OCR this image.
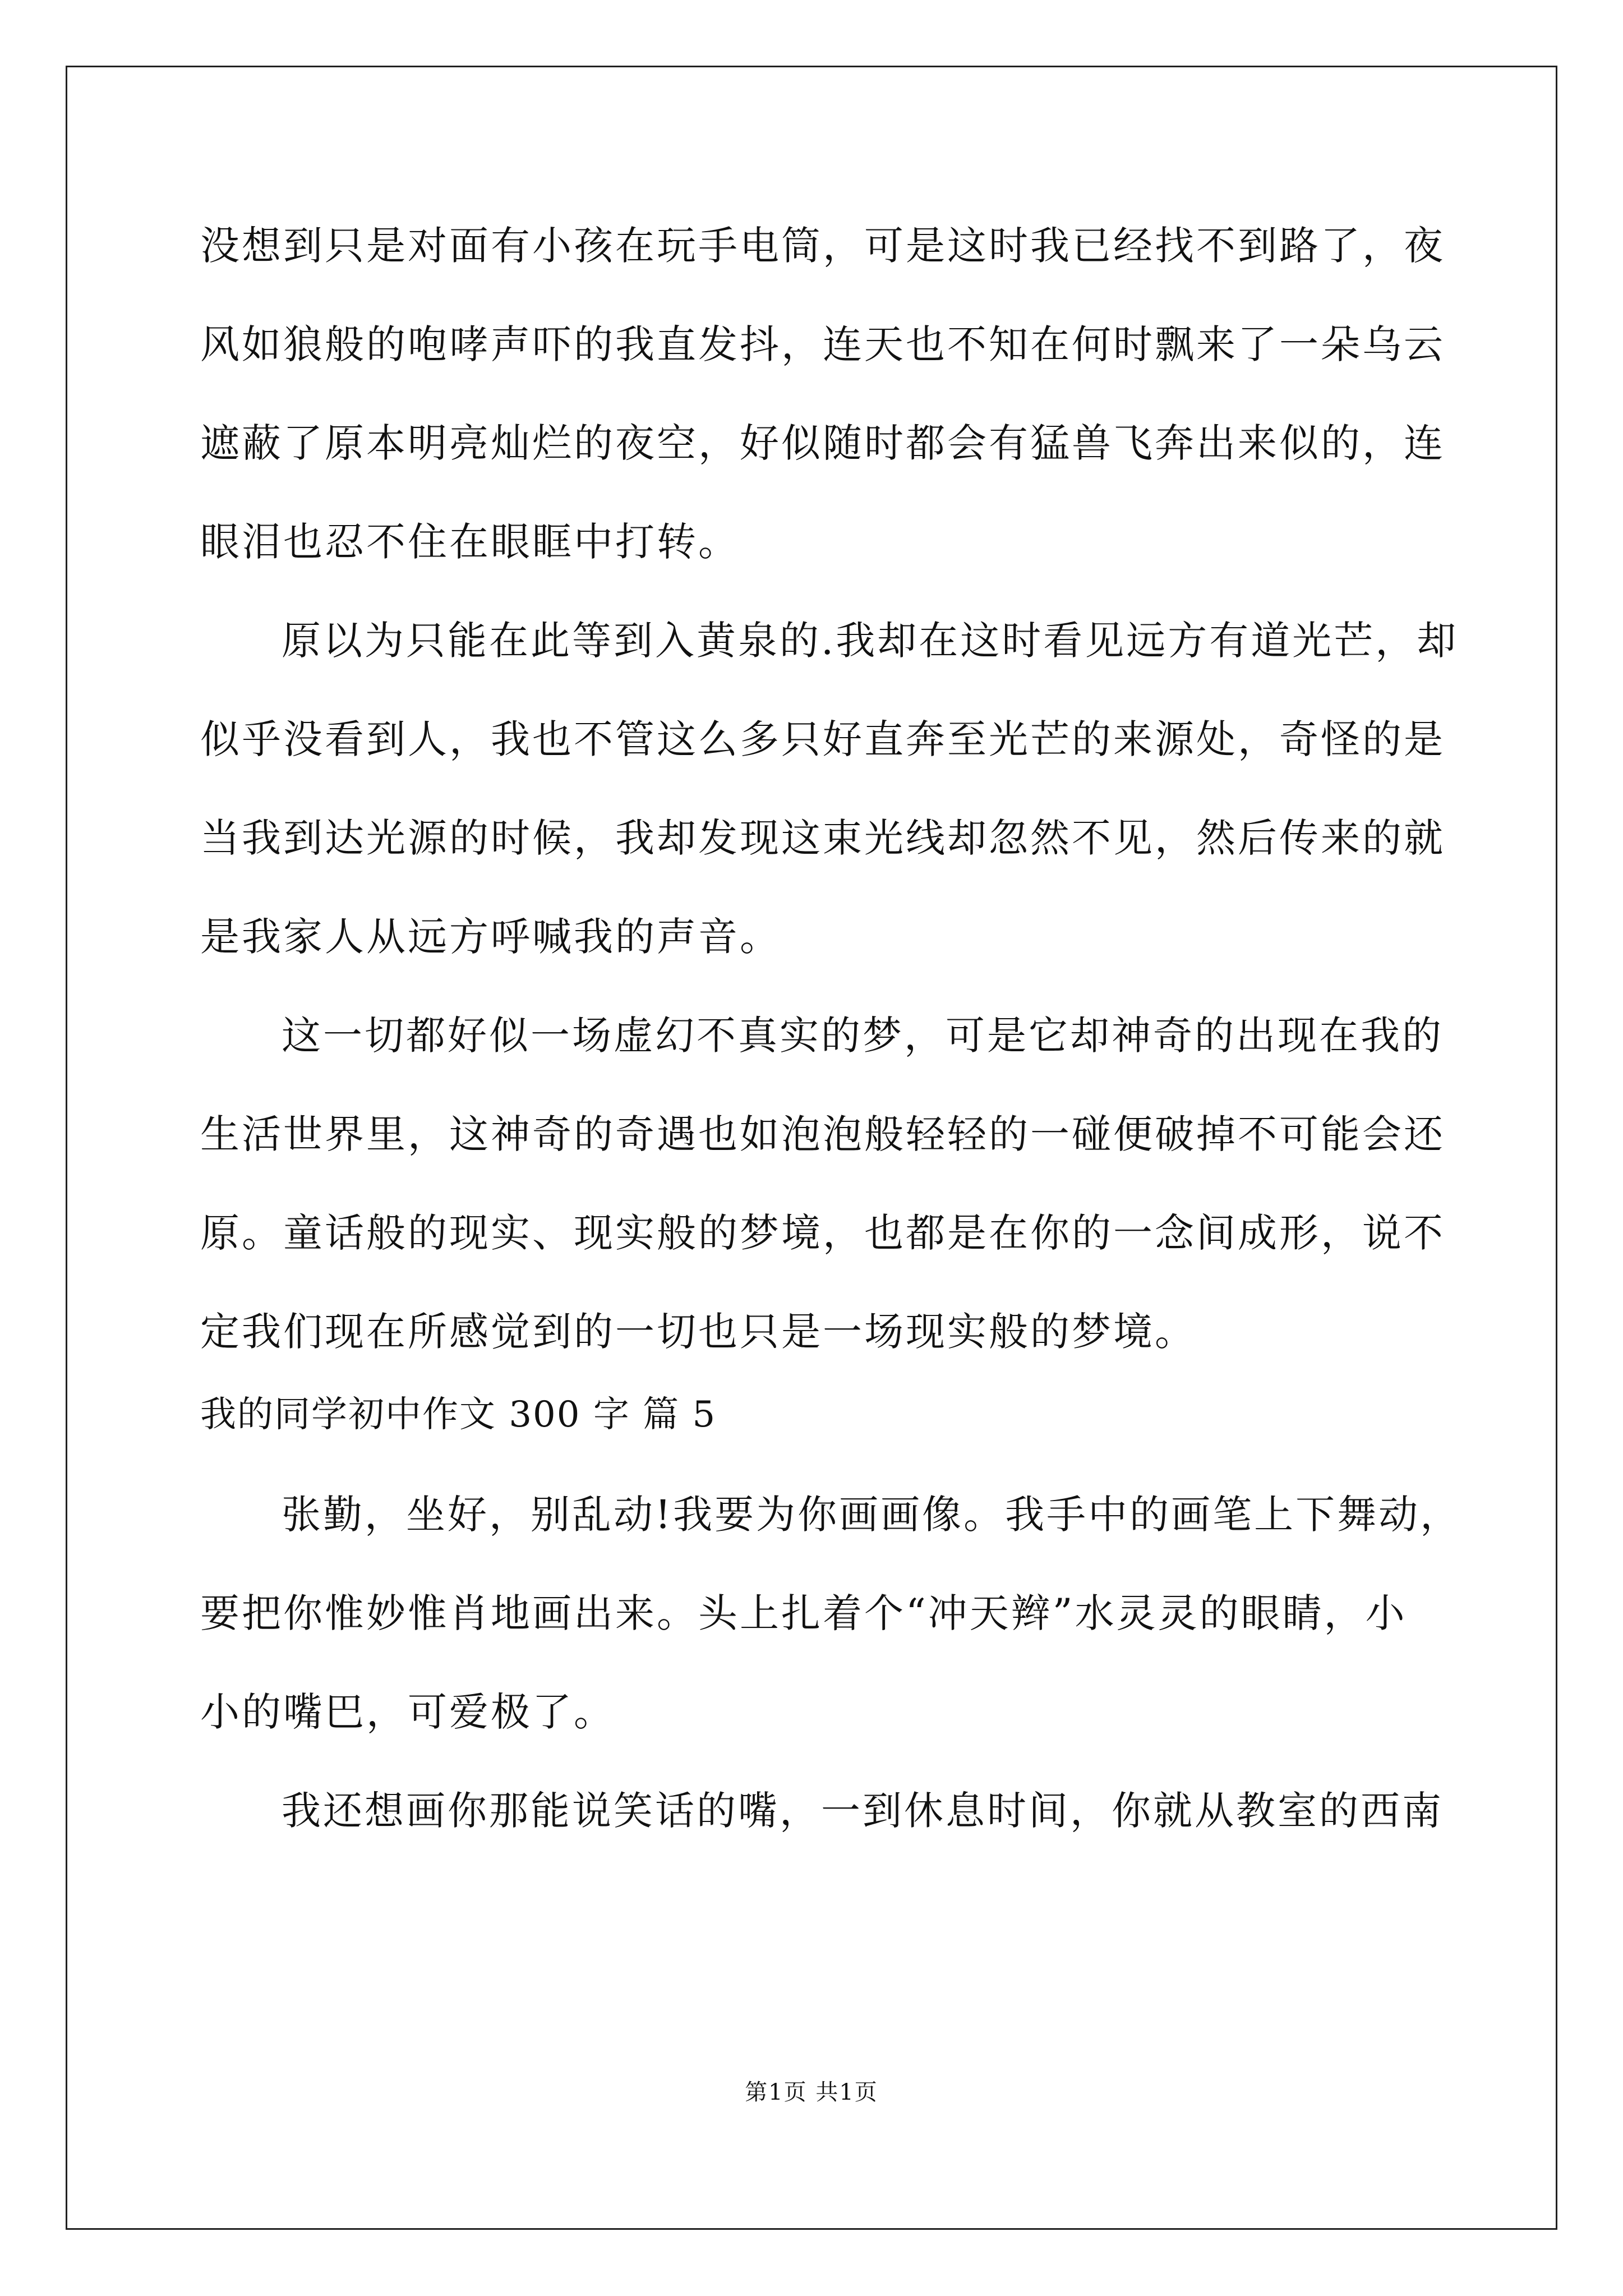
没想到只是对面有小孩在玩手电筒，可是这时我已经找不到路了，夜
风如狼般的咆哮声吓的我直发抖，连天也不知在何时飘来了一朵乌云
遮蔽了原本明亮灿烂的夜空，好似随时都会有猛兽飞奔出来似的，连
眼泪也忍不住在眼眶中打转。
原以为只能在此等到入黄泉的.我却在这时看见远方有道光芒，却
似乎没看到人，我也不管这么多只好直奔至光芒的来源处，奇怪的是
当我到达光源的时候，我却发现这束光线却忽然不见，然后传来的就
是我家人从远方呼喊我的声音。
这一切都好似一场虚幻不真实的梦，可是它却神奇的出现在我的
生活世界里，这神奇的奇遇也如泡泡般轻轻的一碰便破掉不可能会还
原。童话般的现实、现实般的梦境，也都是在你的一念间成形，说不
定我们现在所感觉到的一切也只是一场现实般的梦境。
我的同学初中作文 300 字 篇 5
张勤，坐好，别乱动!我要为你画画像。我手中的画笔上下舞动，
要把你惟妙惟肖地画出来。头上扎着个“冲天辫”水灵灵的眼睛，小
小的嘴巴，可爱极了。
我还想画你那能说笑话的嘴，一到休息时间，你就从教室的西南
第1页 共1页
